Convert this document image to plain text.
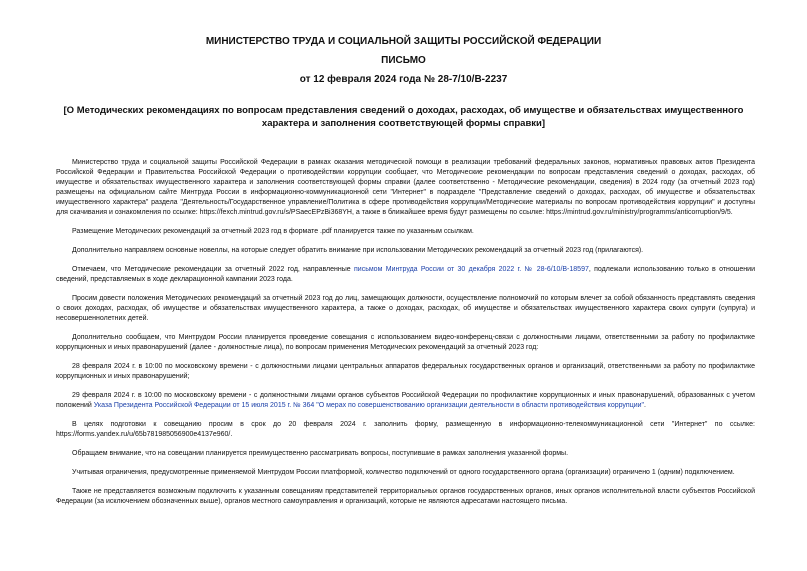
МИНИСТЕРСТВО ТРУДА И СОЦИАЛЬНОЙ ЗАЩИТЫ РОССИЙСКОЙ ФЕДЕРАЦИИ
ПИСЬМО
от 12 февраля 2024 года № 28-7/10/В-2237
[О Методических рекомендациях по вопросам представления сведений о доходах, расходах, об имуществе и обязательствах имущественного характера и заполнения соответствующей формы справки]

Министерство труда и социальной защиты Российской Федерации в рамках оказания методической помощи в реализации требований федеральных законов, нормативных правовых актов Президента Российской Федерации и Правительства Российской Федерации о противодействии коррупции сообщает, что Методические рекомендации по вопросам представления сведений о доходах, расходах, об имуществе и обязательствах имущественного характера и заполнения соответствующей формы справки (далее соответственно - Методические рекомендации, сведения) в 2024 году (за отчетный 2023 год) размещены на официальном сайте Минтруда России в информационно-коммуникационной сети "Интернет" в подразделе "Представление сведений о доходах, расходах, об имуществе и обязательствах имущественного характера" раздела "Деятельность/Государственное управление/Политика в сфере противодействия коррупции/Методические материалы по вопросам противодействия коррупции" и доступны для скачивания и ознакомления по ссылке: https://fexch.mintrud.gov.ru/s/PSaecEPzBi368YH, а также в ближайшее время будут размещены по ссылке: https://mintrud.gov.ru/ministry/programms/anticorruption/9/5.

Размещение Методических рекомендаций за отчетный 2023 год в формате .pdf планируется также по указанным ссылкам.

Дополнительно направляем основные новеллы, на которые следует обратить внимание при использовании Методических рекомендаций за отчетный 2023 год (прилагаются).

Отмечаем, что Методические рекомендации за отчетный 2022 год, направленные письмом Минтруда России от 30 декабря 2022 г. № 28-6/10/В-18597, подлежали использованию только в отношении сведений, представляемых в ходе декларационной кампании 2023 года.

Просим довести положения Методических рекомендаций за отчетный 2023 год до лиц, замещающих должности, осуществление полномочий по которым влечет за собой обязанность представлять сведения о своих доходах, расходах, об имуществе и обязательствах имущественного характера, а также о доходах, расходах, об имуществе и обязательствах имущественного характера своих супруги (супруга) и несовершеннолетних детей.

Дополнительно сообщаем, что Минтрудом России планируется проведение совещания с использованием видео-конференц-связи с должностными лицами, ответственными за работу по профилактике коррупционных и иных правонарушений (далее - должностные лица), по вопросам применения Методических рекомендаций за отчетный 2023 год:

28 февраля 2024 г. в 10:00 по московскому времени - с должностными лицами центральных аппаратов федеральных государственных органов и организаций, ответственными за работу по профилактике коррупционных и иных правонарушений;

29 февраля 2024 г. в 10:00 по московскому времени - с должностными лицами органов субъектов Российской Федерации по профилактике коррупционных и иных правонарушений, образованных с учетом положений Указа Президента Российской Федерации от 15 июля 2015 г. № 364 "О мерах по совершенствованию организации деятельности в области противодействия коррупции".

В целях подготовки к совещанию просим в срок до 20 февраля 2024 г. заполнить форму, размещенную в информационно-телекоммуникационной сети "Интернет" по ссылке: https://forms.yandex.ru/u/65b781985056900e4137e960/.

Обращаем внимание, что на совещании планируется преимущественно рассматривать вопросы, поступившие в рамках заполнения указанной формы.

Учитывая ограничения, предусмотренные применяемой Минтрудом России платформой, количество подключений от одного государственного органа (организации) ограничено 1 (одним) подключением.

Также не представляется возможным подключить к указанным совещаниям представителей территориальных органов государственных органов, иных органов исполнительной власти субъектов Российской Федерации (за исключением обозначенных выше), органов местного самоуправления и организаций, которые не являются адресатами настоящего письма.
